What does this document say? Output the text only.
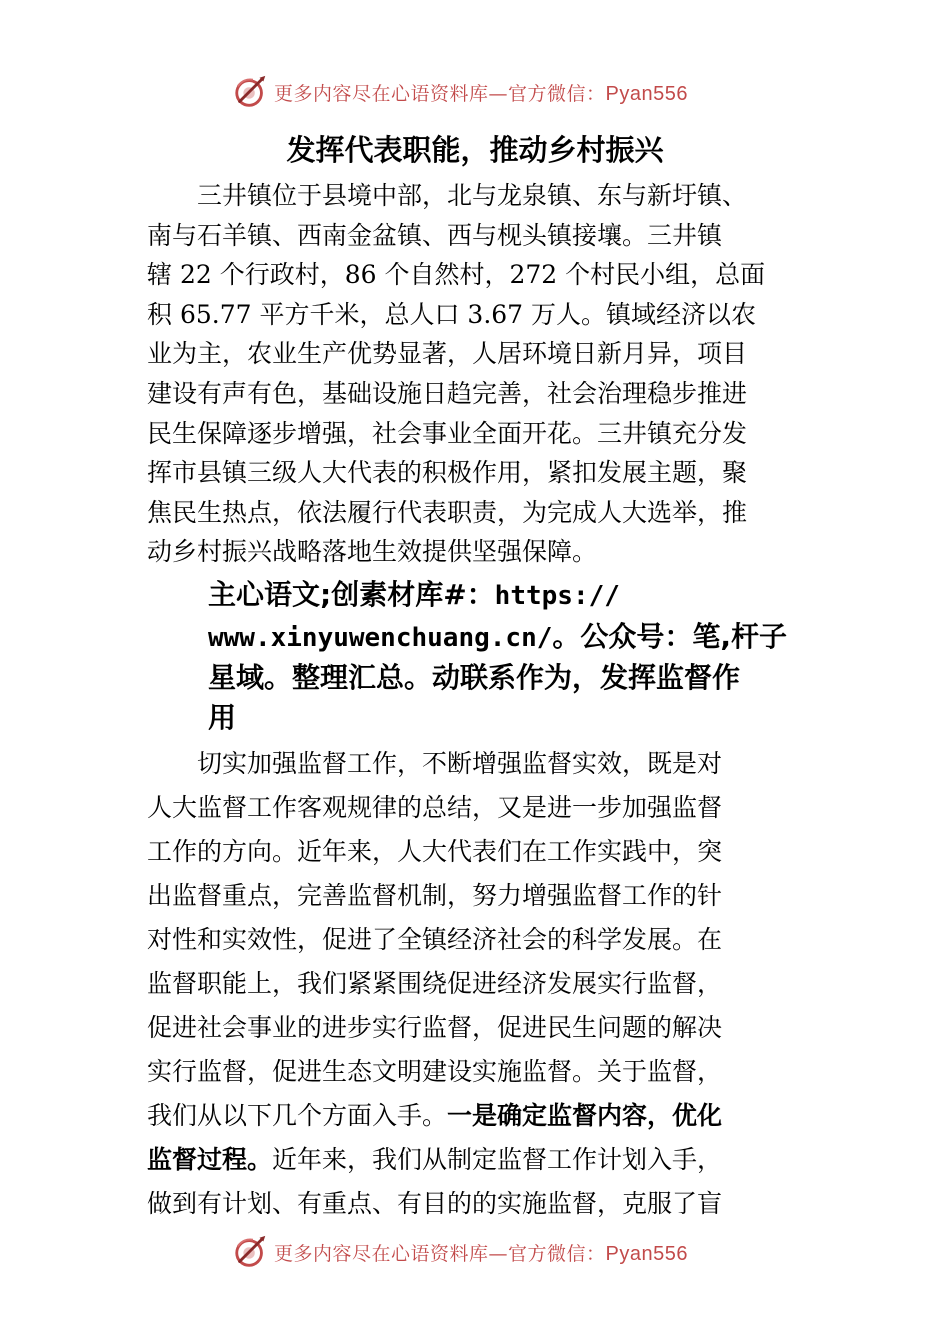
更多内容尽在心语资料库—官方微信：Pyan556
发挥代表职能，推动乡村振兴

三井镇位于县境中部，北与龙泉镇、东与新圩镇、
南与石羊镇、西南金盆镇、西与枧头镇接壤。三井镇
辖 22 个行政村，86 个自然村，272 个村民小组，总面
积 65.77 平方千米，总人口 3.67 万人。镇域经济以农
业为主，农业生产优势显著，人居环境日新月异，项目
建设有声有色，基础设施日趋完善，社会治理稳步推进
民生保障逐步增强，社会事业全面开花。三井镇充分发
挥市县镇三级人大代表的积极作用，紧扣发展主题，聚
焦民生热点，依法履行代表职责，为完成人大选举，推
动乡村振兴战略落地生效提供坚强保障。

主心语文;创素材库#：https://
www.xinyuwenchuang.cn/。公众号：笔,杆子
星域。整理汇总。动联系作为，发挥监督作
用

切实加强监督工作，不断增强监督实效，既是对
人大监督工作客观规律的总结，又是进一步加强监督
工作的方向。近年来，人大代表们在工作实践中，突
出监督重点，完善监督机制，努力增强监督工作的针
对性和实效性，促进了全镇经济社会的科学发展。在
监督职能上，我们紧紧围绕促进经济发展实行监督，
促进社会事业的进步实行监督，促进民生问题的解决
实行监督，促进生态文明建设实施监督。关于监督，
我们从以下几个方面入手。一是确定监督内容，优化
监督过程。近年来，我们从制定监督工作计划入手，
做到有计划、有重点、有目的的实施监督，克服了盲

更多内容尽在心语资料库—官方微信：Pyan556
